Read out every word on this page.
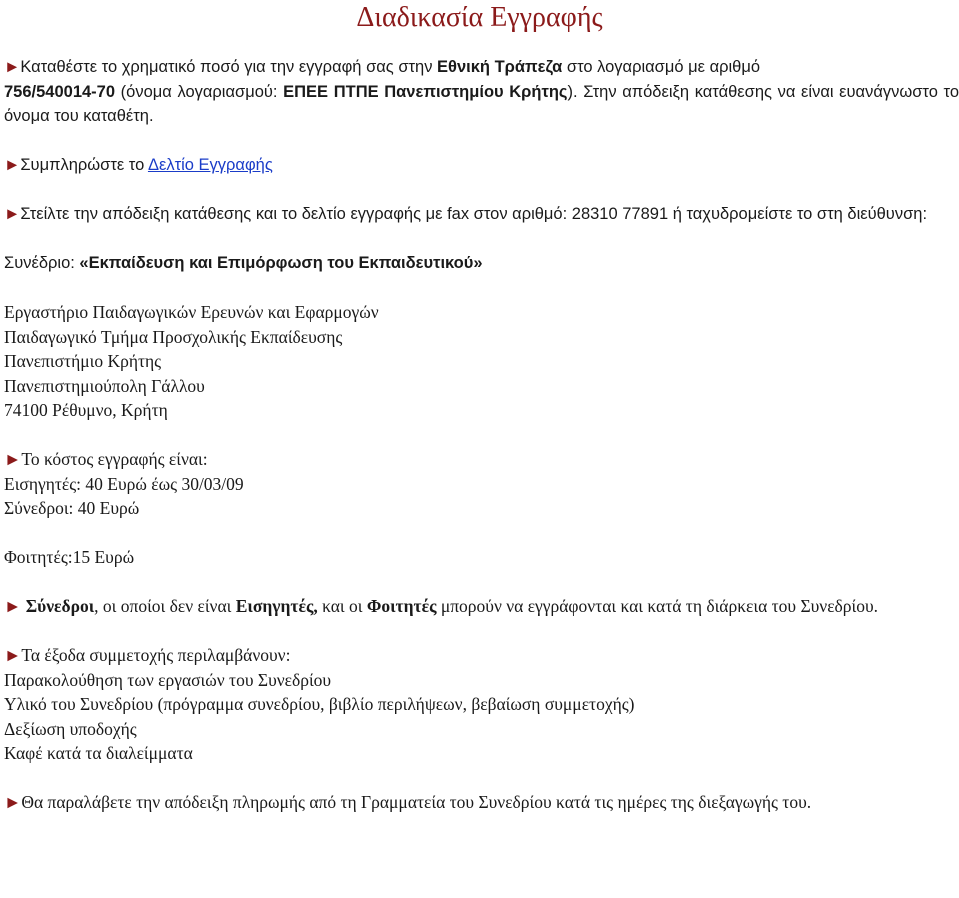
Διαδικασία Εγγραφής

►Καταθέστε το χρηματικό ποσό για την εγγραφή σας στην Εθνική Τράπεζα στο λογαριασμό με αριθμό
756/540014-70 (όνομα λογαριασμού: ΕΠΕΕ ΠΤΠΕ Πανεπιστημίου Κρήτης). Στην απόδειξη κατάθεσης να είναι ευανάγνωστο το όνομα του καταθέτη.

►Συμπληρώστε το Δελτίο Εγγραφής

►Στείλτε την απόδειξη κατάθεσης και το δελτίο εγγραφής με fax στον αριθμό: 28310 77891 ή ταχυδρομείστε το στη διεύθυνση:

Συνέδριο: «Εκπαίδευση και Επιμόρφωση του Εκπαιδευτικού»

Εργαστήριο Παιδαγωγικών Ερευνών και Εφαρμογών

Παιδαγωγικό Τμήμα Προσχολικής Εκπαίδευσης

Πανεπιστήμιο Κρήτης

Πανεπιστημιούπολη Γάλλου

74100 Ρέθυμνο, Κρήτη

►Το κόστος εγγραφής είναι:

Εισηγητές: 40 Ευρώ έως 30/03/09

Σύνεδροι: 40 Ευρώ

Φοιτητές:15 Ευρώ

► Σύνεδροι, οι οποίοι δεν είναι Εισηγητές, και οι Φοιτητές μπορούν να εγγράφονται και κατά τη διάρκεια του Συνεδρίου.

►Τα έξοδα συμμετοχής περιλαμβάνουν:

Παρακολούθηση των εργασιών του Συνεδρίου

Υλικό του Συνεδρίου (πρόγραμμα συνεδρίου, βιβλίο περιλήψεων, βεβαίωση συμμετοχής)

Δεξίωση υποδοχής

Καφέ κατά τα διαλείμματα

►Θα παραλάβετε την απόδειξη πληρωμής από τη Γραμματεία του Συνεδρίου κατά τις ημέρες της διεξαγωγής του.
